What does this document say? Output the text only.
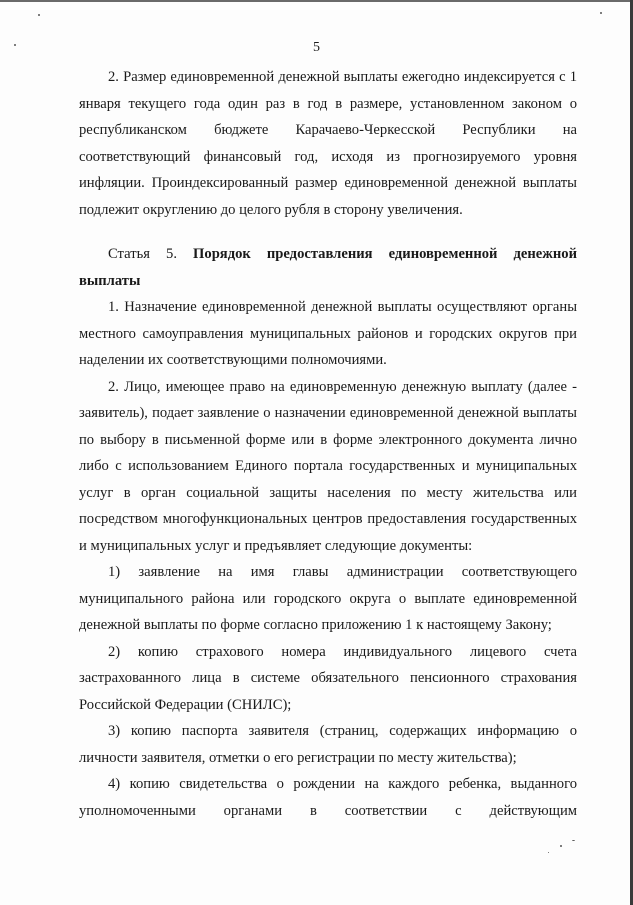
5

2. Размер единовременной денежной выплаты ежегодно индексируется с 1 января текущего года один раз в год в размере, установленном законом о республиканском бюджете Карачаево-Черкесской Республики на соответствующий финансовый год, исходя из прогнозируемого уровня инфляции. Проиндексированный размер единовременной денежной выплаты подлежит округлению до целого рубля в сторону увеличения.

Статья 5. Порядок предоставления единовременной денежной выплаты

1. Назначение единовременной денежной выплаты осуществляют органы местного самоуправления муниципальных районов и городских округов при наделении их соответствующими полномочиями.

2. Лицо, имеющее право на единовременную денежную выплату (далее - заявитель), подает заявление о назначении единовременной денежной выплаты по выбору в письменной форме или в форме электронного документа лично либо с использованием Единого портала государственных и муниципальных услуг в орган социальной защиты населения по месту жительства или посредством многофункциональных центров предоставления государственных и муниципальных услуг и предъявляет следующие документы:

1) заявление на имя главы администрации соответствующего муниципального района или городского округа о выплате единовременной денежной выплаты по форме согласно приложению 1 к настоящему Закону;

2) копию страхового номера индивидуального лицевого счета застрахованного лица в системе обязательного пенсионного страхования Российской Федерации (СНИЛС);

3) копию паспорта заявителя (страниц, содержащих информацию о личности заявителя, отметки о его регистрации по месту жительства);

4) копию свидетельства о рождении на каждого ребенка, выданного уполномоченными органами в соответствии с действующим
